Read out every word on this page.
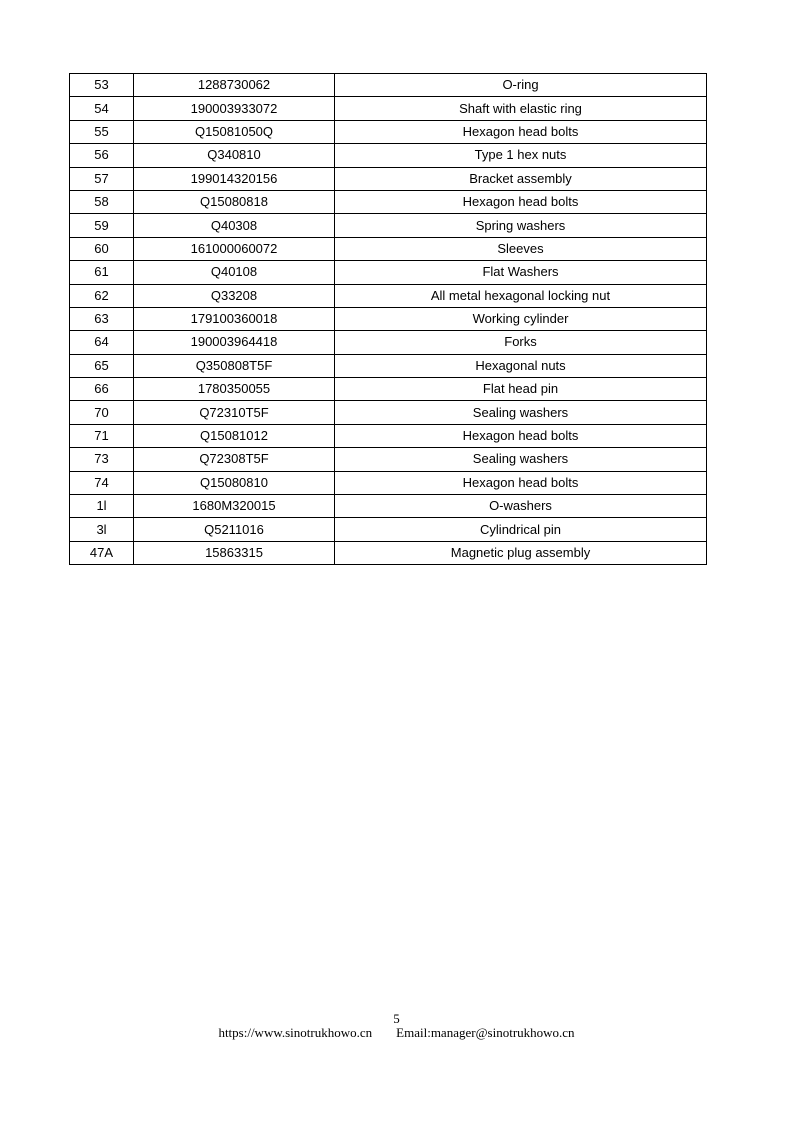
53	1288730062	O-ring
54	190003933072	Shaft with elastic ring
55	Q15081050Q	Hexagon head bolts
56	Q340810	Type 1 hex nuts
57	199014320156	Bracket assembly
58	Q15080818	Hexagon head bolts
59	Q40308	Spring washers
60	161000060072	Sleeves
61	Q40108	Flat Washers
62	Q33208	All metal hexagonal locking nut
63	179100360018	Working cylinder
64	190003964418	Forks
65	Q350808T5F	Hexagonal nuts
66	1780350055	Flat head pin
70	Q72310T5F	Sealing washers
71	Q15081012	Hexagon head bolts
73	Q72308T5F	Sealing washers
74	Q15080810	Hexagon head bolts
1l	1680M320015	O-washers
3l	Q5211016	Cylindrical pin
47A	15863315	Magnetic plug assembly
5
https://www.sinotrukhowo.cn Email:manager@sinotrukhowo.cn
